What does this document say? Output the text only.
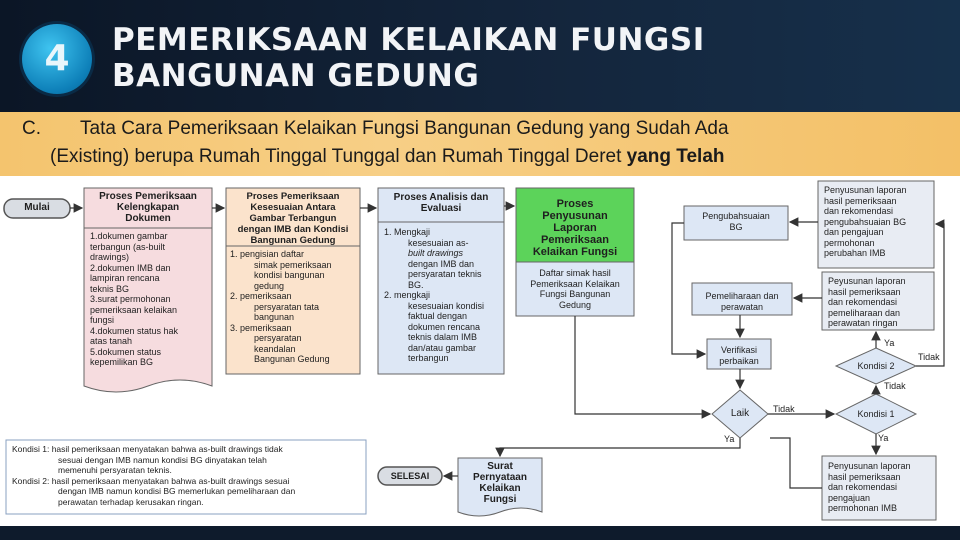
4	PEMERIKSAAN KELAIKAN FUNGSI
BANGUNAN GEDUNG
C. Tata Cara Pemeriksaan Kelaikan Fungsi Bangunan Gedung yang Sudah Ada
(Existing) berupa Rumah Tinggal Tunggal dan Rumah Tinggal Deret yang Telah
Mulai
SELESAI
Proses Pemeriksaan
Kelengkapan
Dokumen
1.dokumen gambar
terbangun (as-built
drawings)
2.dokumen IMB dan
lampiran rencana
teknis BG
3.surat permohonan
pemeriksaan kelaikan
fungsi
4.dokumen status hak
atas tanah
5.dokumen status
kepemilikan BG
Proses Pemeriksaan
Kesesuaian Antara
Gambar Terbangun
dengan IMB dan Kondisi
Bangunan Gedung
1. pengisian daftar
simak pemeriksaan
kondisi bangunan
gedung
2. pemeriksaan
persyaratan tata
bangunan
3. pemeriksaan
persyaratan
keandalan
Bangunan Gedung
Proses Analisis dan
Evaluasi
1. Mengkaji
kesesuaian as-
built drawings
dengan IMB dan
persyaratan teknis
BG.
2. mengkaji
kesesuaian kondisi
faktual dengan
dokumen rencana
teknis dalam IMB
dan/atau gambar
terbangun
Proses
Penyusunan
Laporan
Pemeriksaan
Kelaikan Fungsi
Daftar simak hasil
Pemeriksaan Kelaikan
Fungsi Bangunan
Gedung
Pengubahsuaian
BG
Pemeliharaan dan
perawatan
Verifikasi
perbaikan
Penyusunan laporan
hasil pemeriksaan
dan rekomendasi
pengubahsuaian BG
dan pengajuan
permohonan
perubahan IMB
Peyusunan laporan
hasil pemeriksaan
dan rekomendasi
pemeliharaan dan
perawatan ringan
Penyusunan laporan
hasil pemeriksaan
dan rekomendasi
pengajuan
permohonan IMB
Laik	Kondisi 1
Kondisi 2
Tidak
Tidak
Tidak
Ya
Ya
Ya
Surat
Pernyataan
Kelaikan
Fungsi
Kondisi 1: hasil pemeriksaan menyatakan bahwa as-built drawings tidak
sesuai dengan IMB namun kondisi BG dinyatakan telah
memenuhi persyaratan teknis.
Kondisi 2: hasil pemeriksaan menyatakan bahwa as-built drawings sesuai
dengan IMB namun kondisi BG memerlukan pemeliharaan dan
perawatan terhadap kerusakan ringan.
